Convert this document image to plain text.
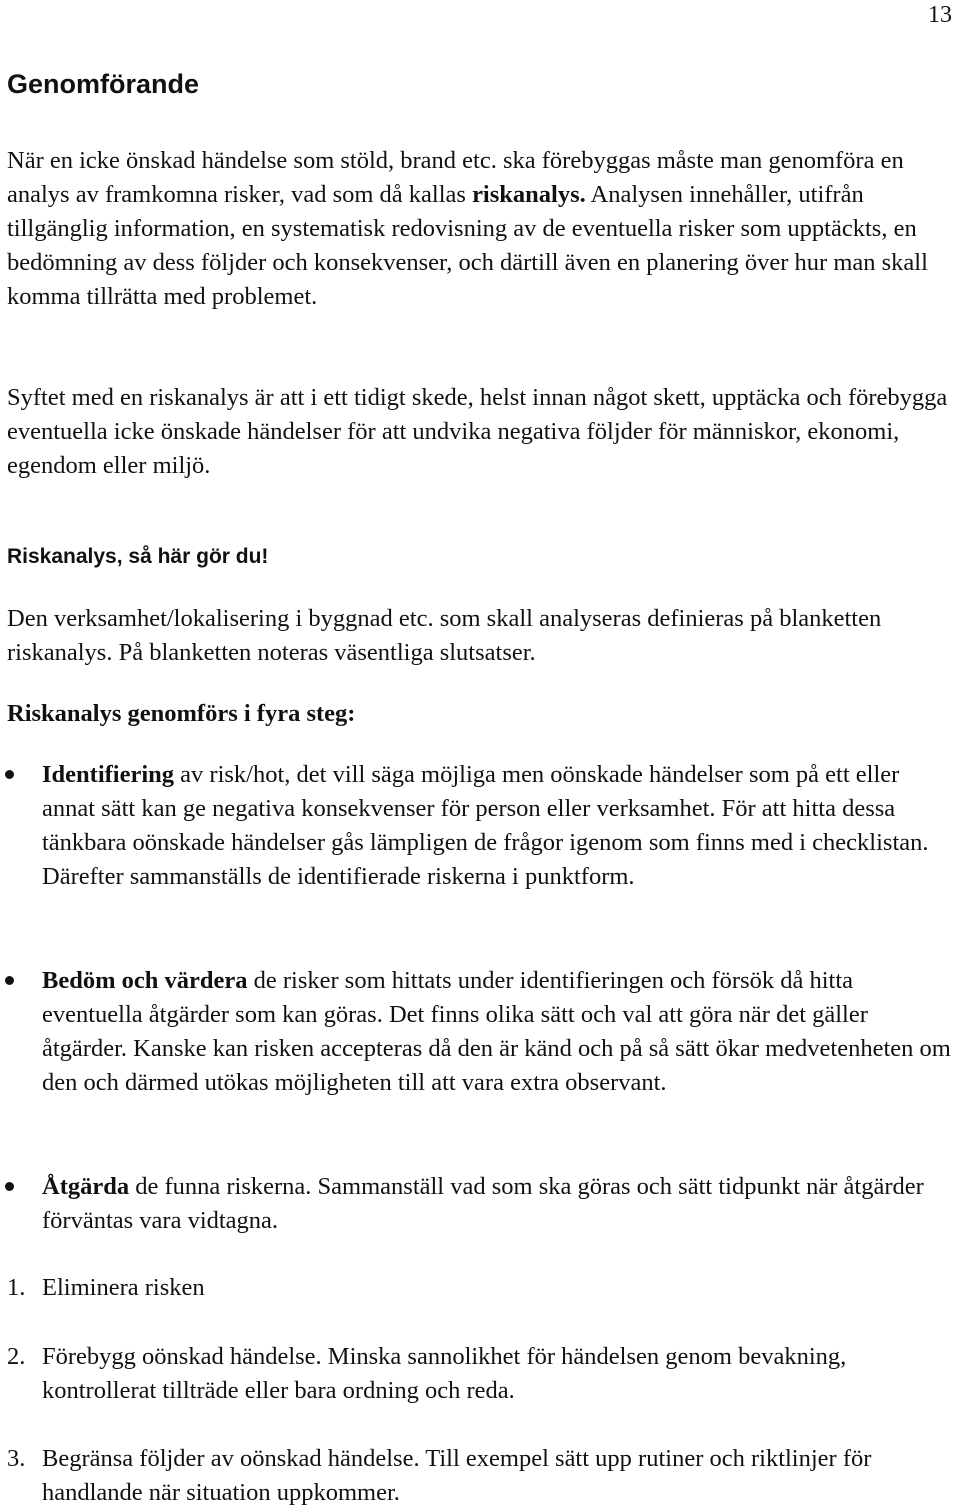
13
Genomförande

När en icke önskad händelse som stöld, brand etc. ska förebyggas måste man genomföra en analys av framkomna risker, vad som då kallas riskanalys. Analysen innehåller, utifrån tillgänglig information, en systematisk redovisning av de eventuella risker som upptäckts, en bedömning av dess följder och konsekvenser, och därtill även en planering över hur man skall komma tillrätta med problemet.

Syftet med en riskanalys är att i ett tidigt skede, helst innan något skett, upptäcka och förebygga eventuella icke önskade händelser för att undvika negativa följder för människor, ekonomi, egendom eller miljö.

Riskanalys, så här gör du!

Den verksamhet/lokalisering i byggnad etc. som skall analyseras definieras på blanketten riskanalys. På blanketten noteras väsentliga slutsatser.

Riskanalys genomförs i fyra steg:

Identifiering av risk/hot, det vill säga möjliga men oönskade händelser som på ett eller annat sätt kan ge negativa konsekvenser för person eller verksamhet. För att hitta dessa tänkbara oönskade händelser gås lämpligen de frågor igenom som finns med i checklistan. Därefter sammanställs de identifierade riskerna i punktform.

Bedöm och värdera de risker som hittats under identifieringen och försök då hitta eventuella åtgärder som kan göras. Det finns olika sätt och val att göra när det gäller åtgärder. Kanske kan risken accepteras då den är känd och på så sätt ökar medvetenheten om den och därmed utökas möjligheten till att vara extra observant.

Åtgärda de funna riskerna. Sammanställ vad som ska göras och sätt tidpunkt när åtgärder förväntas vara vidtagna.

1. Eliminera risken

2. Förebygg oönskad händelse. Minska sannolikhet för händelsen genom bevakning, kontrollerat tillträde eller bara ordning och reda.

3. Begränsa följder av oönskad händelse. Till exempel sätt upp rutiner och riktlinjer för handlande när situation uppkommer.
